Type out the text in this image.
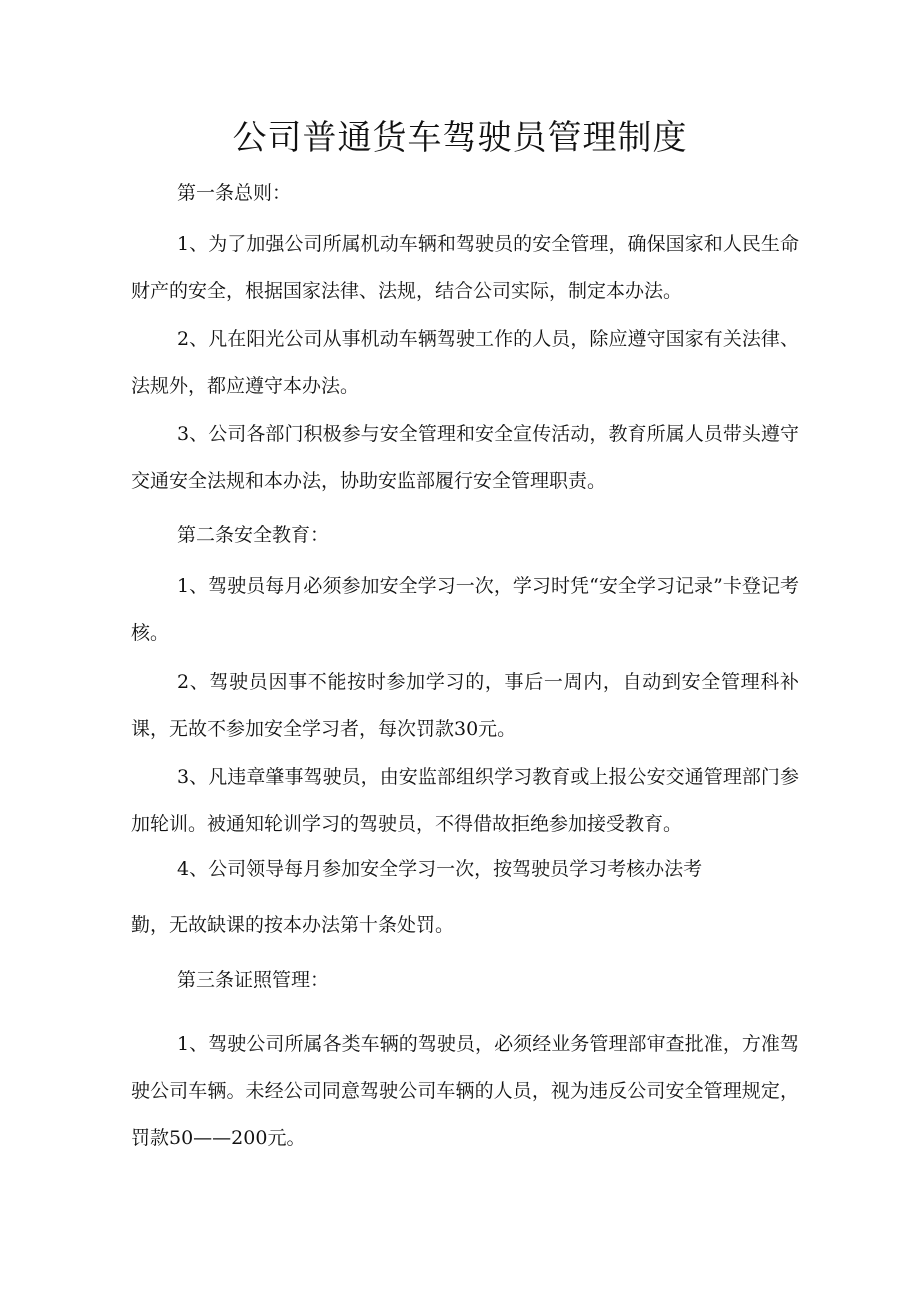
公司普通货车驾驶员管理制度
第一条总则：

1、为了加强公司所属机动车辆和驾驶员的安全管理，确保国家和人民生命财产的安全，根据国家法律、法规，结合公司实际，制定本办法。

2、凡在阳光公司从事机动车辆驾驶工作的人员，除应遵守国家有关法律、法规外，都应遵守本办法。

3、公司各部门积极参与安全管理和安全宣传活动，教育所属人员带头遵守交通安全法规和本办法，协助安监部履行安全管理职责。

第二条安全教育：

1、驾驶员每月必须参加安全学习一次，学习时凭“安全学习记录”卡登记考核。

2、驾驶员因事不能按时参加学习的，事后一周内，自动到安全管理科补课，无故不参加安全学习者，每次罚款30元。

3、凡违章肇事驾驶员，由安监部组织学习教育或上报公安交通管理部门参加轮训。被通知轮训学习的驾驶员，不得借故拒绝参加接受教育。

4、公司领导每月参加安全学习一次，按驾驶员学习考核办法考
勤，无故缺课的按本办法第十条处罚。
第三条证照管理：

1、驾驶公司所属各类车辆的驾驶员，必须经业务管理部审查批准，方准驾驶公司车辆。未经公司同意驾驶公司车辆的人员，视为违反公司安全管理规定，罚款50——200元。
